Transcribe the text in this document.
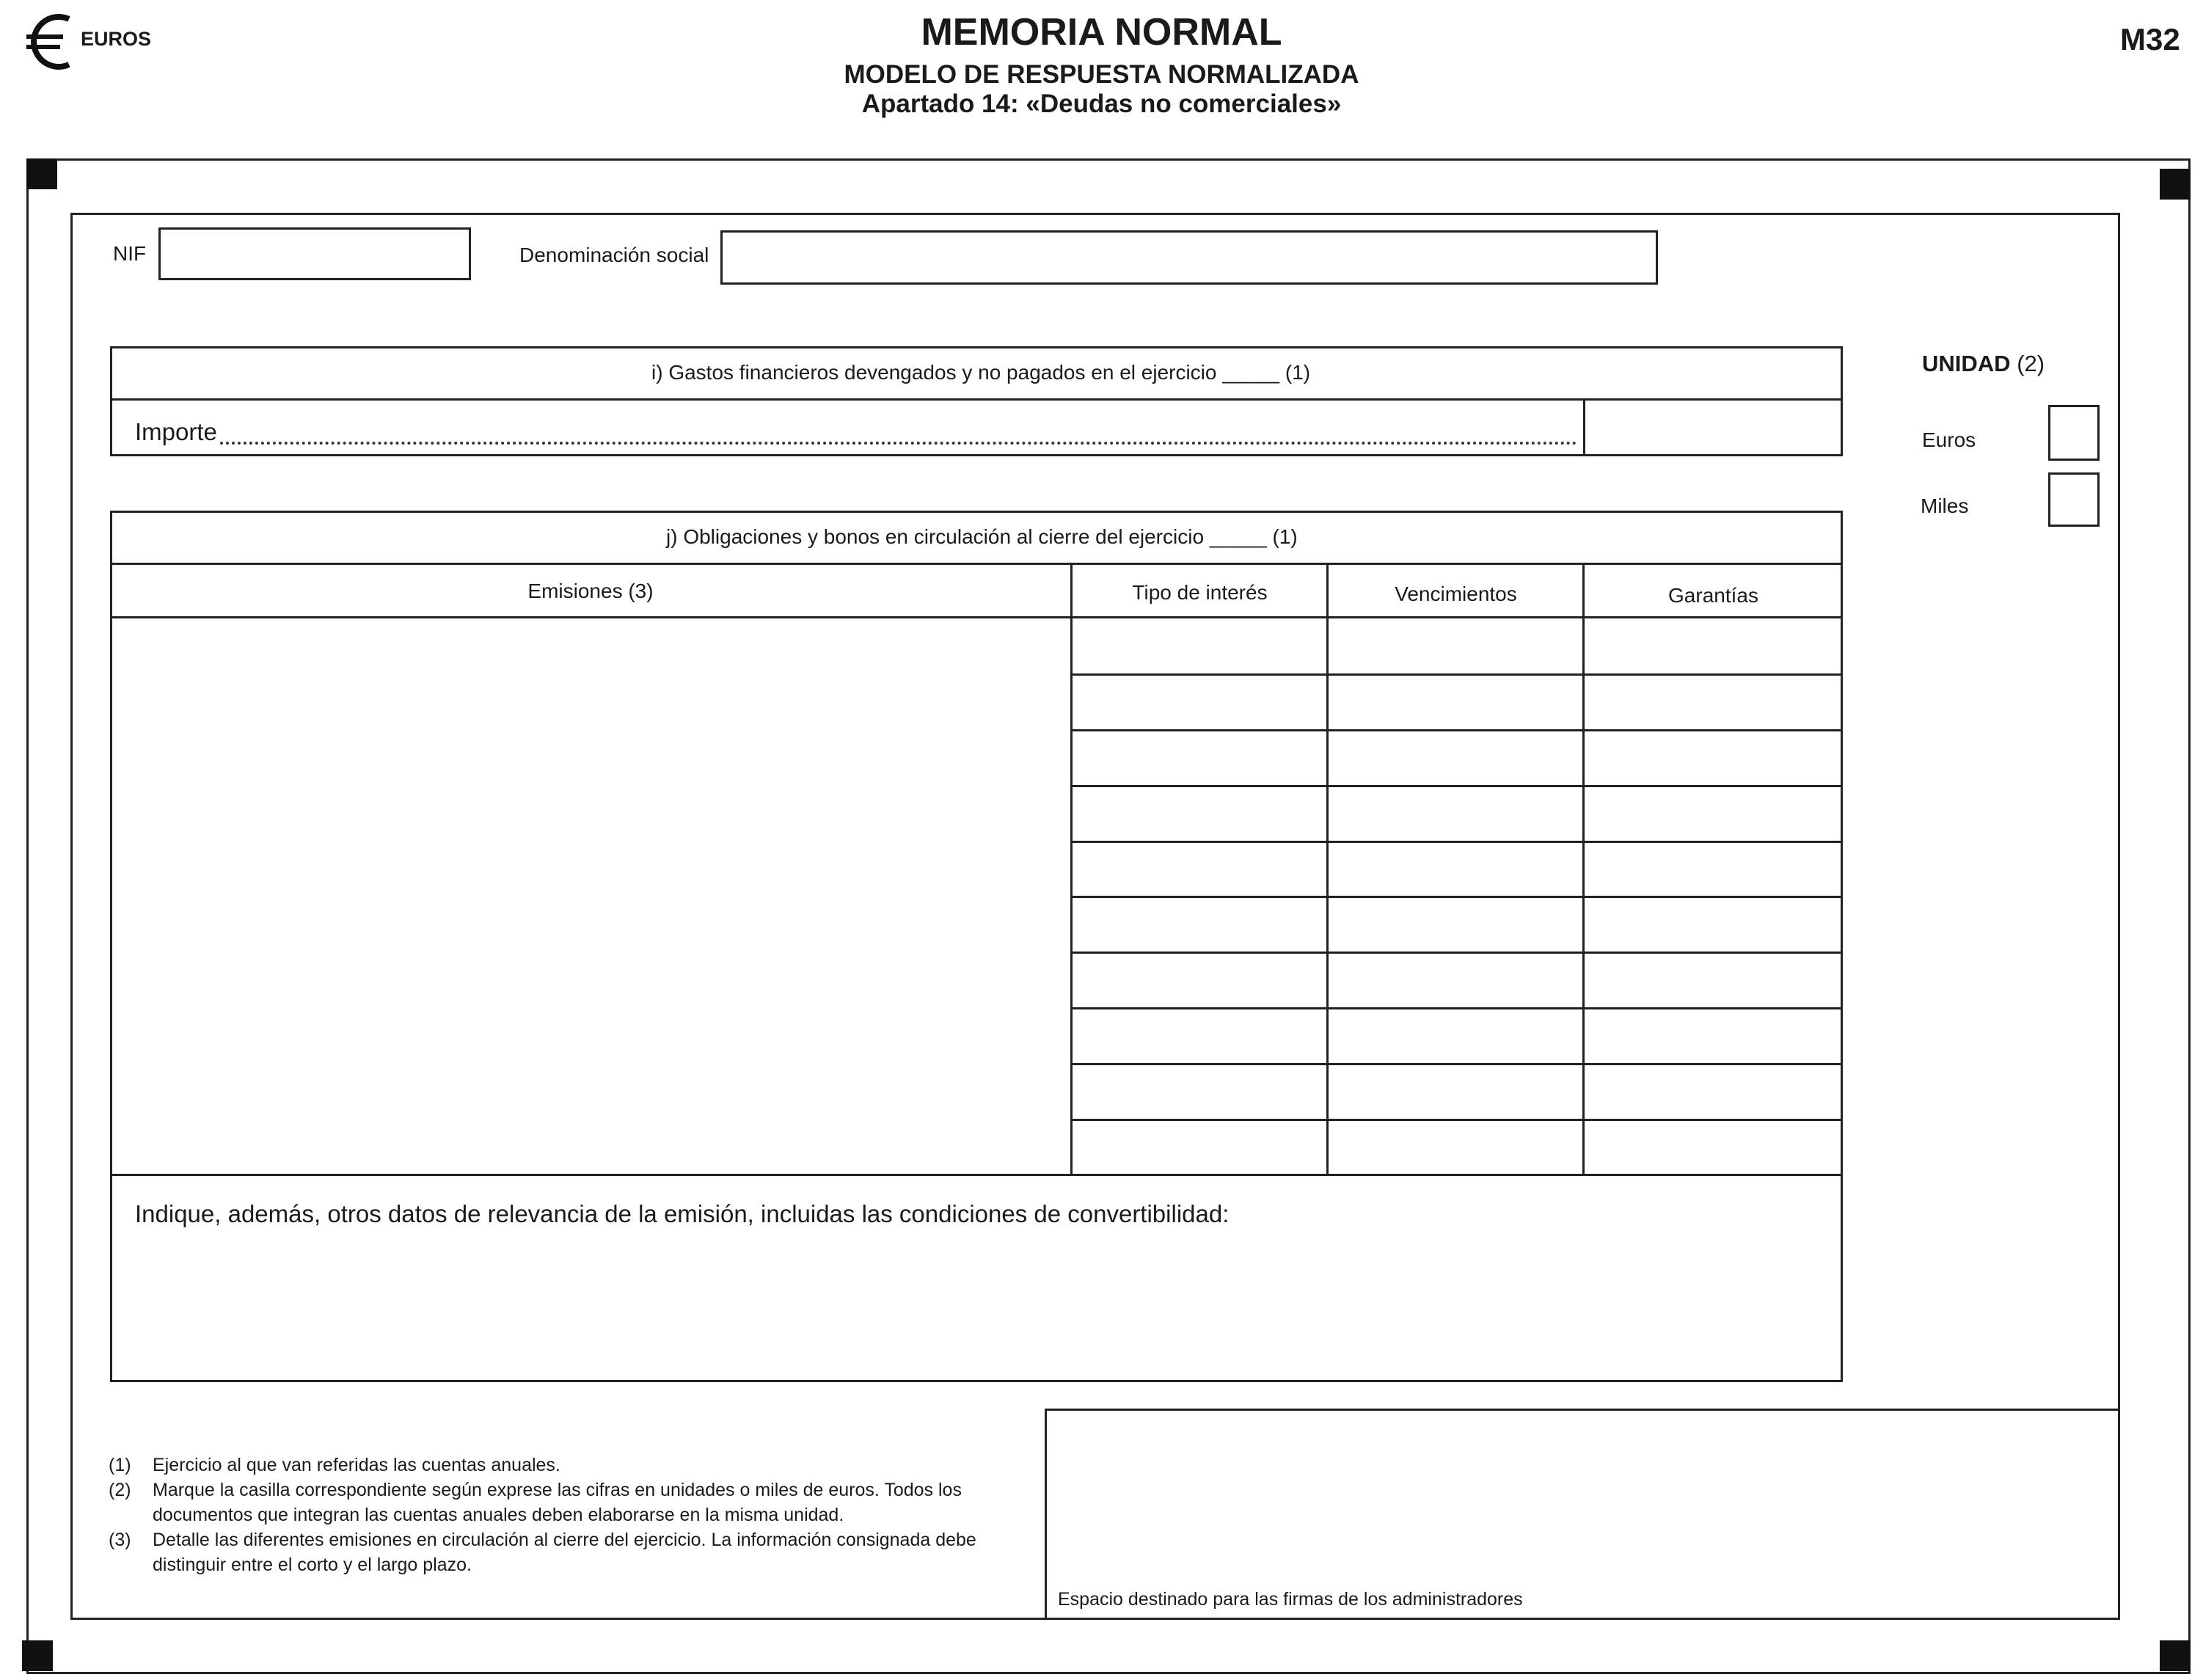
EUROS	MEMORIA NORMAL
MODELO DE RESPUESTA NORMALIZADA
Apartado 14: «Deudas no comerciales»
M32
NIF	Denominación social
UNIDAD (2)
Euros
Miles
i) Gastos financieros devengados y no pagados en el ejercicio _____ (1)
Importe
j) Obligaciones y bonos en circulación al cierre del ejercicio _____ (1)
Emisiones (3)	Tipo de interés	Vencimientos	Garantías
Indique, además, otros datos de relevancia de la emisión, incluidas las condiciones de convertibilidad:
(1)	Ejercicio al que van referidas las cuentas anuales.
(2)	Marque la casilla correspondiente según exprese las cifras en unidades o miles de euros. Todos los documentos que integran las cuentas anuales deben elaborarse en la misma unidad.
(3)	Detalle las diferentes emisiones en circulación al cierre del ejercicio. La información consignada debe distinguir entre el corto y el largo plazo.
Espacio destinado para las firmas de los administradores
